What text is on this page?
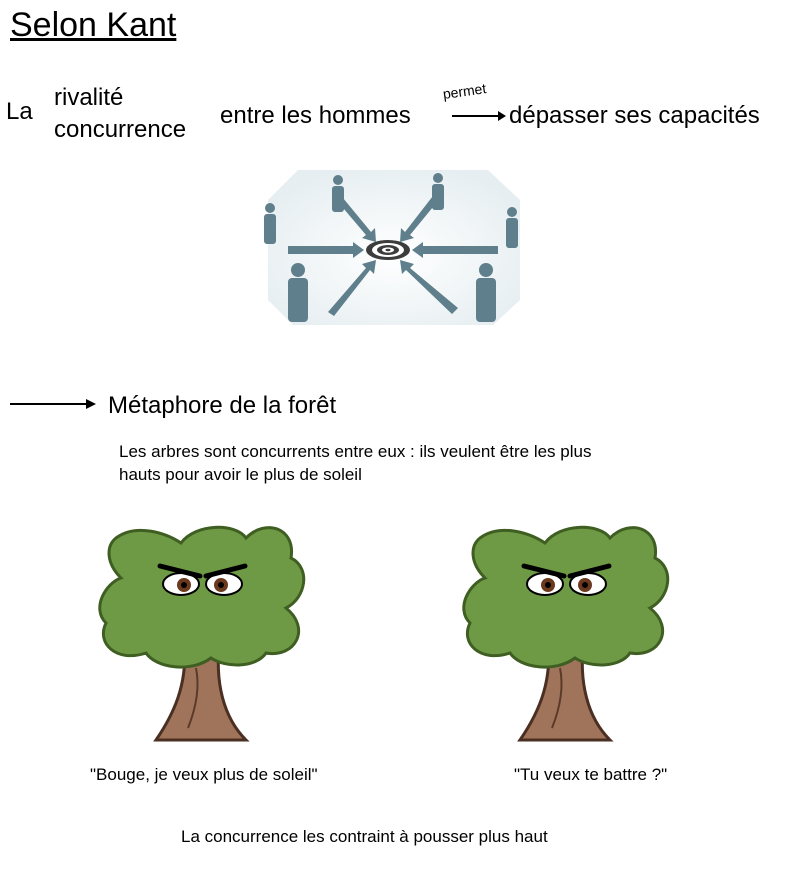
Selon Kant
La
rivalité
concurrence
entre les hommes
permet
dépasser ses capacités
Métaphore de la forêt
Les arbres sont concurrents entre eux : ils veulent être les plus
hauts pour avoir le plus de soleil
"Bouge, je veux plus de soleil"	"Tu veux te battre ?"
La concurrence les contraint à pousser plus haut
